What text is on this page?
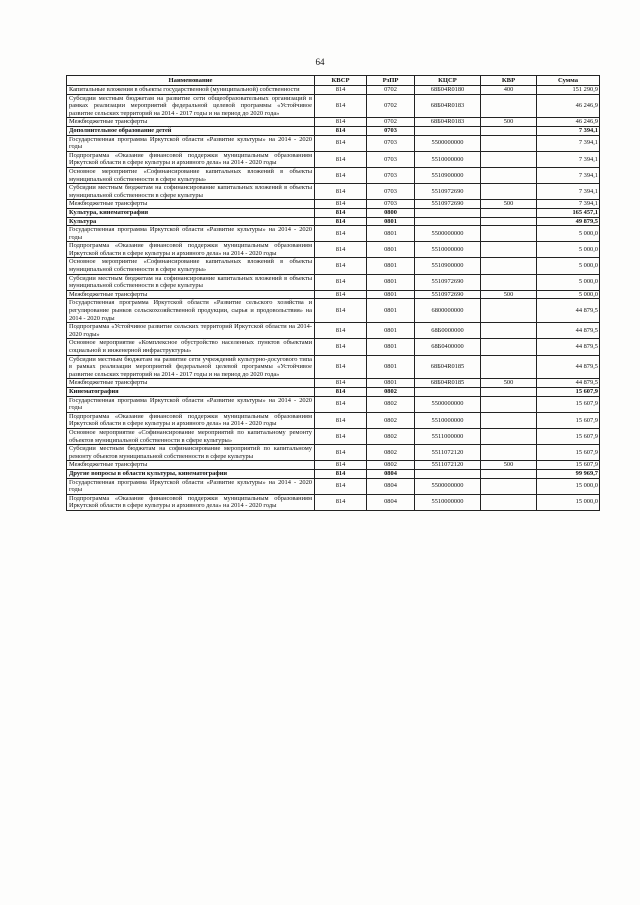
64
Наименование	КВСР	РзПР	КЦСР	КВР	Сумма
Капитальные вложения в объекты государственной (муниципальной) собственности	814	0702	68Б04R0180	400	151 290,9
Субсидии местным бюджетам на развитие сети общеобразовательных организаций в рамках реализации мероприятий федеральной целевой программы «Устойчивое развитие сельских территорий на 2014 - 2017 годы и на период до 2020 года»	814	0702	68Б04R0183		46 246,9
Межбюджетные трансферты	814	0702	68Б04R0183	500	46 246,9
Дополнительное образование детей	814	0703			7 394,1
Государственная программа Иркутской области «Развитие культуры» на 2014 - 2020 годы	814	0703	5500000000		7 394,1
Подпрограмма «Оказание финансовой поддержки муниципальным образованиям Иркутской области в сфере культуры и архивного дела» на 2014 - 2020 годы	814	0703	5510000000		7 394,1
Основное мероприятие «Софинансирование капитальных вложений в объекты муниципальной собственности в сфере культуры»	814	0703	5510900000		7 394,1
Субсидии местным бюджетам на софинансирование капитальных вложений в объекты муниципальной собственности в сфере культуры	814	0703	5510972690		7 394,1
Межбюджетные трансферты	814	0703	5510972690	500	7 394,1
Культура, кинематография	814	0800			165 457,1
Культура	814	0801			49 879,5
Государственная программа Иркутской области «Развитие культуры» на 2014 - 2020 годы	814	0801	5500000000		5 000,0
Подпрограмма «Оказание финансовой поддержки муниципальным образованиям Иркутской области в сфере культуры и архивного дела» на 2014 - 2020 годы	814	0801	5510000000		5 000,0
Основное мероприятие «Софинансирование капитальных вложений в объекты муниципальной собственности в сфере культуры»	814	0801	5510900000		5 000,0
Субсидии местным бюджетам на софинансирование капитальных вложений в объекты муниципальной собственности в сфере культуры	814	0801	5510972690		5 000,0
Межбюджетные трансферты	814	0801	5510972690	500	5 000,0
Государственная программа Иркутской области «Развитие сельского хозяйства и регулирование рынков сельскохозяйственной продукции, сырья и продовольствия» на 2014 - 2020 годы	814	0801	6800000000		44 879,5
Подпрограмма «Устойчивое развитие сельских территорий Иркутской области на 2014-2020 годы»	814	0801	68Б0000000		44 879,5
Основное мероприятие «Комплексное обустройство населенных пунктов объектами социальной и инженерной инфраструктуры»	814	0801	68Б0400000		44 879,5
Субсидии местным бюджетам на развитие сети учреждений культурно-досугового типа в рамках реализации мероприятий федеральной целевой программы «Устойчивое развитие сельских территорий на 2014 - 2017 годы и на период до 2020 года»	814	0801	68Б04R0185		44 879,5
Межбюджетные трансферты	814	0801	68Б04R0185	500	44 879,5
Кинематография	814	0802			15 607,9
Государственная программа Иркутской области «Развитие культуры» на 2014 - 2020 годы	814	0802	5500000000		15 607,9
Подпрограмма «Оказание финансовой поддержки муниципальным образованиям Иркутской области в сфере культуры и архивного дела» на 2014 - 2020 годы	814	0802	5510000000		15 607,9
Основное мероприятие «Софинансирование мероприятий по капитальному ремонту объектов муниципальной собственности в сфере культуры»	814	0802	5511000000		15 607,9
Субсидии местным бюджетам на софинансирование мероприятий по капитальному ремонту объектов муниципальной собственности в сфере культуры	814	0802	5511072120		15 607,9
Межбюджетные трансферты	814	0802	5511072120	500	15 607,9
Другие вопросы в области культуры, кинематографии	814	0804			99 969,7
Государственная программа Иркутской области «Развитие культуры» на 2014 - 2020 годы	814	0804	5500000000		15 000,0
Подпрограмма «Оказание финансовой поддержки муниципальным образованиям Иркутской области в сфере культуры и архивного дела» на 2014 - 2020 годы	814	0804	5510000000		15 000,0
